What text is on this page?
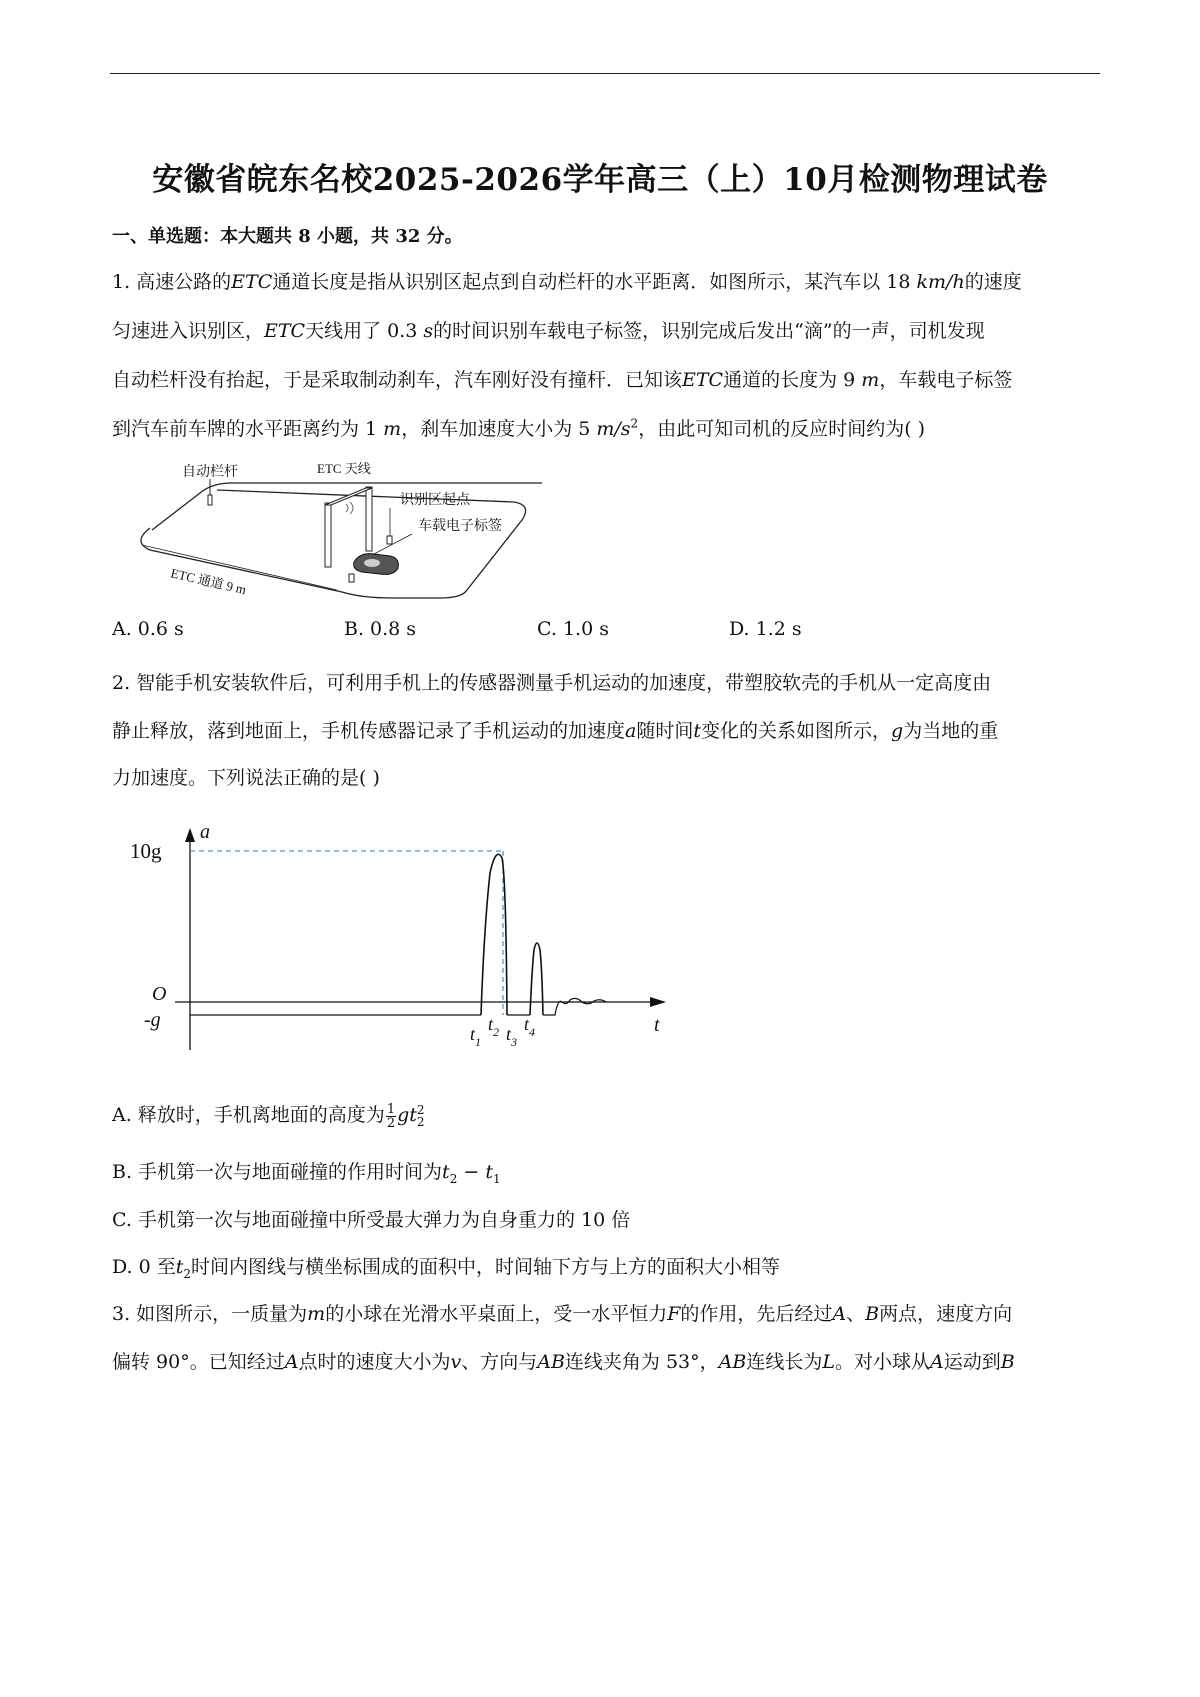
安徽省皖东名校2025-2026学年高三（上）10月检测物理试卷
一、单选题：本大题共 8 小题，共 32 分。
1. 高速公路的ETC通道长度是指从识别区起点到自动栏杆的水平距离．如图所示，某汽车以 18 km/h的速度
匀速进入识别区，ETC天线用了 0.3 s的时间识别车载电子标签，识别完成后发出“滴”的一声，司机发现
自动栏杆没有抬起，于是采取制动刹车，汽车刚好没有撞杆．已知该ETC通道的长度为 9 m，车载电子标签
到汽车前车牌的水平距离约为 1 m，刹车加速度大小为 5 $m/s^2$，由此可知司机的反应时间约为( )
自动栏杆	ETC 天线
识别区起点
车载电子标签
ETC 通道 9 m
A. 0.6 s	B. 0.8 s	C. 1.0 s	D. 1.2 s
2. 智能手机安装软件后，可利用手机上的传感器测量手机运动的加速度，带塑胶软壳的手机从一定高度由
静止释放，落到地面上，手机传感器记录了手机运动的加速度a随时间t变化的关系如图所示，g为当地的重
力加速度。下列说法正确的是( )
a
t
10g
O
-g
$t_1$
$t_2$ $t_3$
$t_4$
A. 释放时，手机离地面的高度为 $\frac{1}{2}$ gt 2
2
B. 手机第一次与地面碰撞的作用时间为$t_2 - t_1$
C. 手机第一次与地面碰撞中所受最大弹力为自身重力的 10 倍
D. 0 至$t_2$时间内图线与横坐标围成的面积中，时间轴下方与上方的面积大小相等
3. 如图所示，一质量为m的小球在光滑水平桌面上，受一水平恒力F的作用，先后经过A、B两点，速度方向
偏转 90°。已知经过A点时的速度大小为v、方向与AB连线夹角为 53°，AB连线长为L。对小球从A运动到B
